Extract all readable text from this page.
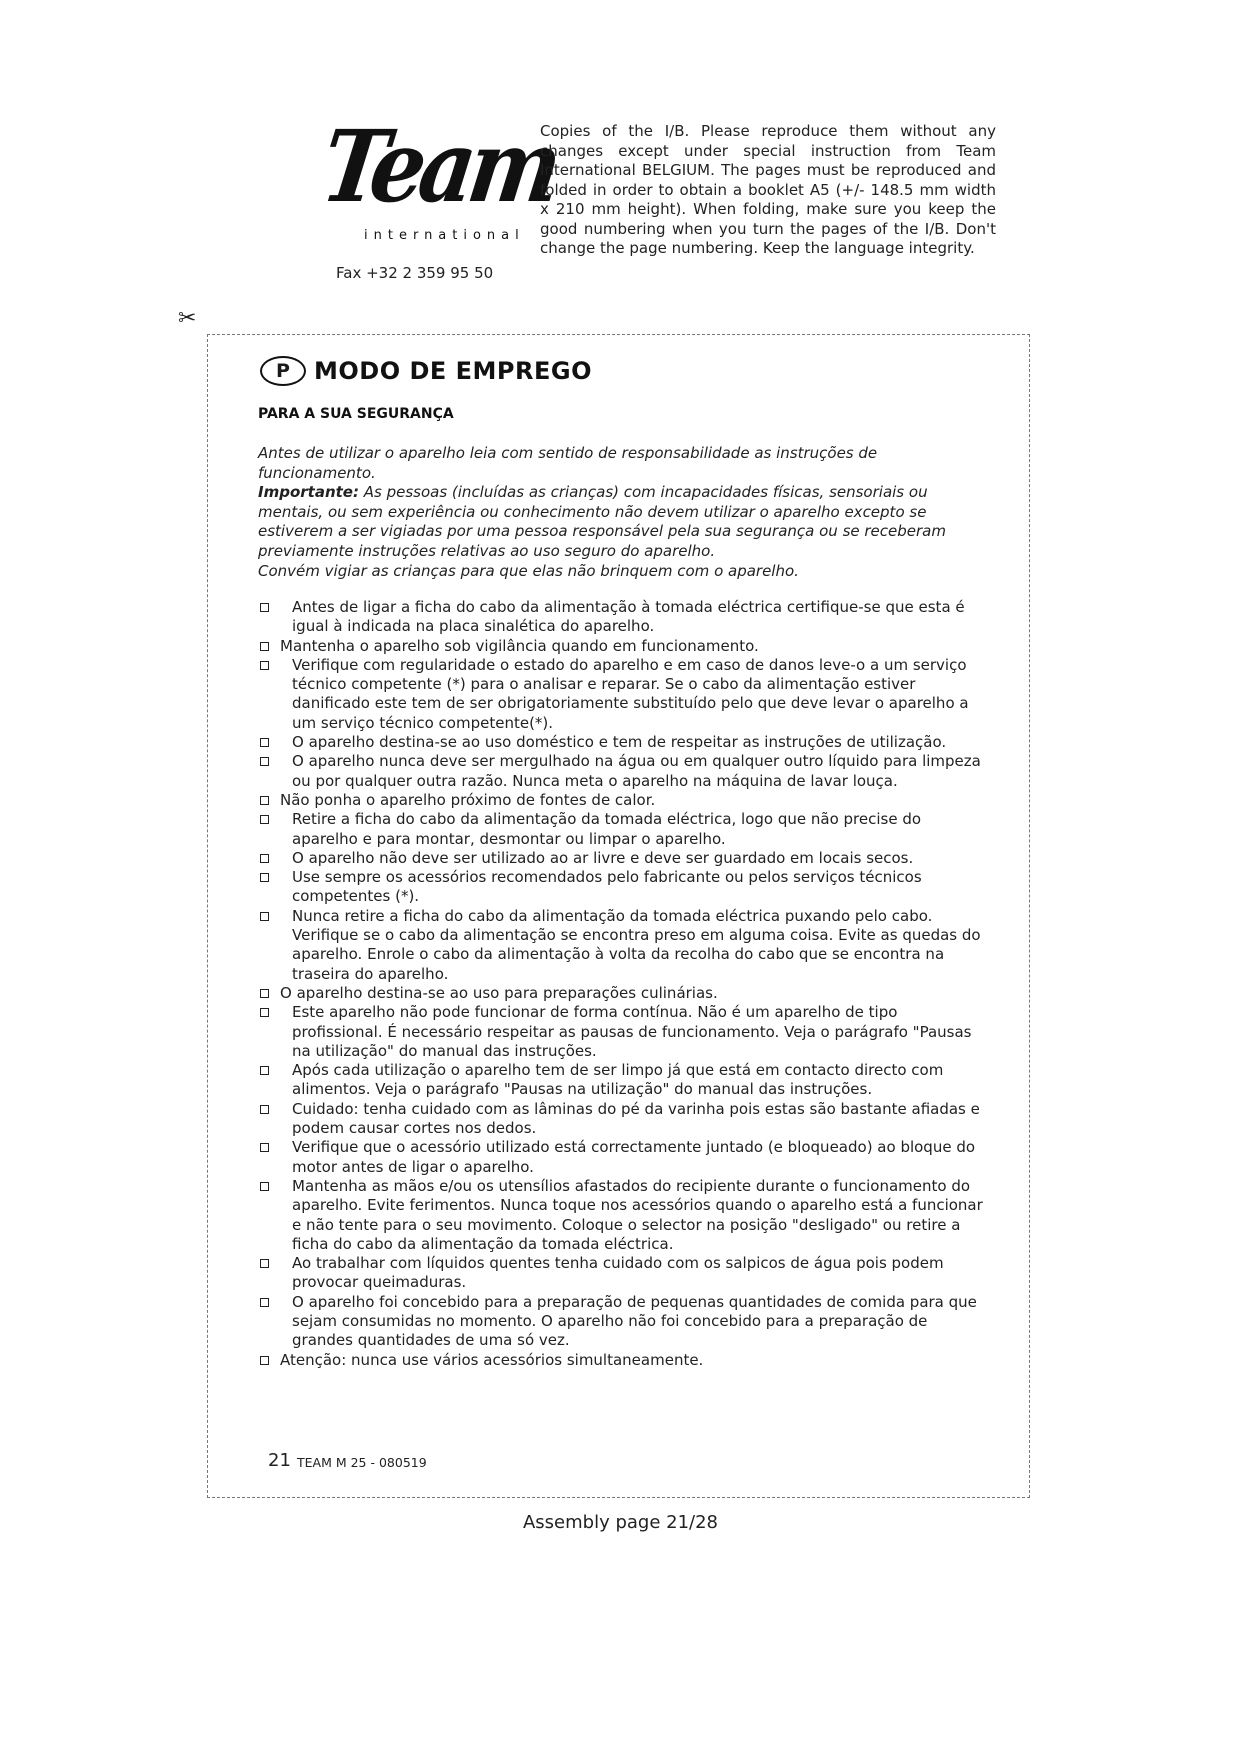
Team
international
Fax +32 2 359 95 50
Copies of the I/B. Please reproduce them without any changes except under special instruction from Team International BELGIUM. The pages must be reproduced and folded in order to obtain a booklet A5 (+/- 148.5 mm width x 210 mm height). When folding, make sure you keep the good numbering when you turn the pages of the I/B. Don't change the page numbering. Keep the language integrity.
✂
P	MODO DE EMPREGO
PARA A SUA SEGURANÇA
Antes de utilizar o aparelho leia com sentido de responsabilidade as instruções de funcionamento.
Importante: As pessoas (incluídas as crianças) com incapacidades físicas, sensoriais ou mentais, ou sem experiência ou conhecimento não devem utilizar o aparelho excepto se estiverem a ser vigiadas por uma pessoa responsável pela sua segurança ou se receberam previamente instruções relativas ao uso seguro do aparelho.
Convém vigiar as crianças para que elas não brinquem com o aparelho.
Antes de ligar a ficha do cabo da alimentação à tomada eléctrica certifique-se que esta é igual à indicada na placa sinalética do aparelho.
Mantenha o aparelho sob vigilância quando em funcionamento.
Verifique com regularidade o estado do aparelho e em caso de danos leve-o a um serviço técnico competente (*) para o analisar e reparar. Se o cabo da alimentação estiver danificado este tem de ser obrigatoriamente substituído pelo que deve levar o aparelho a um serviço técnico competente(*).
O aparelho destina-se ao uso doméstico e tem de respeitar as instruções de utilização.
O aparelho nunca deve ser mergulhado na água ou em qualquer outro líquido para limpeza ou por qualquer outra razão. Nunca meta o aparelho na máquina de lavar louça.
Não ponha o aparelho próximo de fontes de calor.
Retire a ficha do cabo da alimentação da tomada eléctrica, logo que não precise do aparelho e para montar, desmontar ou limpar o aparelho.
O aparelho não deve ser utilizado ao ar livre e deve ser guardado em locais secos.
Use sempre os acessórios recomendados pelo fabricante ou pelos serviços técnicos competentes (*).
Nunca retire a ficha do cabo da alimentação da tomada eléctrica puxando pelo cabo. Verifique se o cabo da alimentação se encontra preso em alguma coisa. Evite as quedas do aparelho. Enrole o cabo da alimentação à volta da recolha do cabo que se encontra na traseira do aparelho.
O aparelho destina-se ao uso para preparações culinárias.
Este aparelho não pode funcionar de forma contínua. Não é um aparelho de tipo profissional. É necessário respeitar as pausas de funcionamento. Veja o parágrafo "Pausas na utilização" do manual das instruções.
Após cada utilização o aparelho tem de ser limpo já que está em contacto directo com alimentos. Veja o parágrafo "Pausas na utilização" do manual das instruções.
Cuidado: tenha cuidado com as lâminas do pé da varinha pois estas são bastante afiadas e podem causar cortes nos dedos.
Verifique que o acessório utilizado está correctamente juntado (e bloqueado) ao bloque do motor antes de ligar o aparelho.
Mantenha as mãos e/ou os utensílios afastados do recipiente durante o funcionamento do aparelho. Evite ferimentos. Nunca toque nos acessórios quando o aparelho está a funcionar e não tente para o seu movimento. Coloque o selector na posição "desligado" ou retire a ficha do cabo da alimentação da tomada eléctrica.
Ao trabalhar com líquidos quentes tenha cuidado com os salpicos de água pois podem provocar queimaduras.
O aparelho foi concebido para a preparação de pequenas quantidades de comida para que sejam consumidas no momento. O aparelho não foi concebido para a preparação de grandes quantidades de uma só vez.
Atenção: nunca use vários acessórios simultaneamente.
21 TEAM M 25 - 080519
Assembly page 21/28
